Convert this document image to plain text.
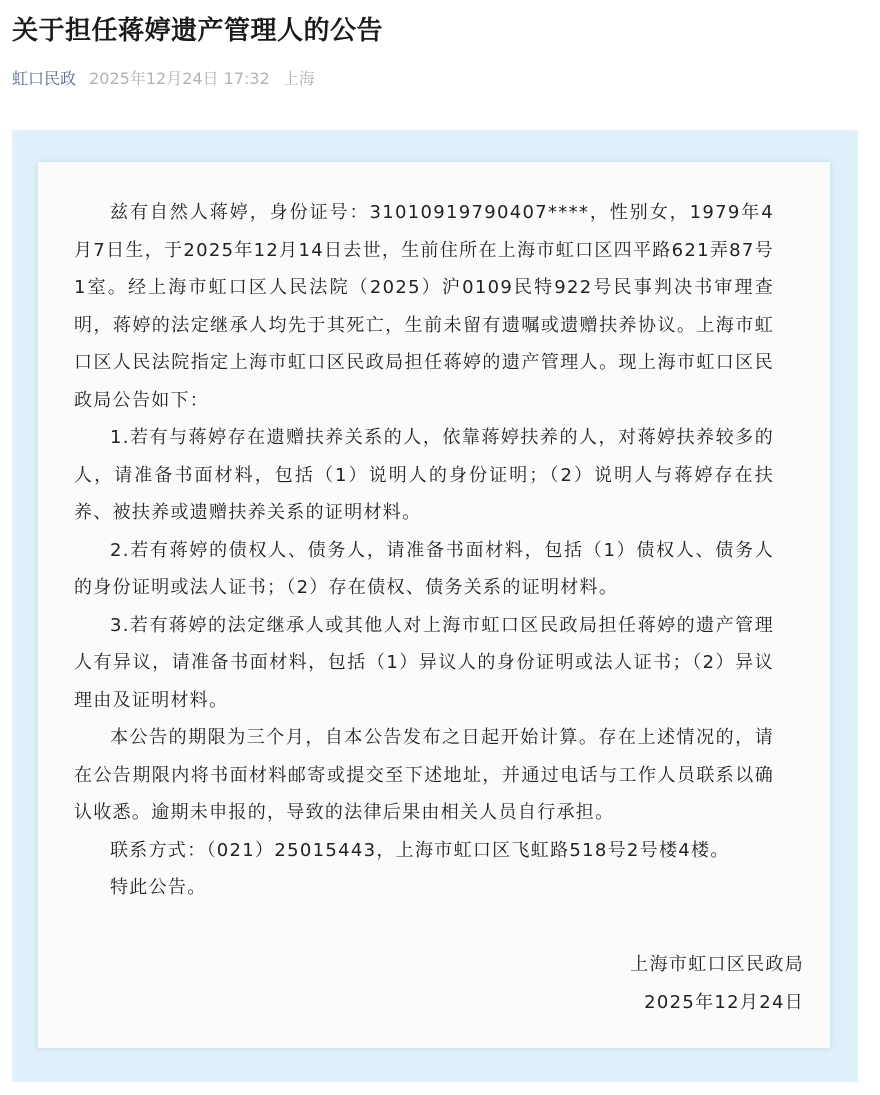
关于担任蒋婷遗产管理人的公告
虹口民政 2025年12月24日 17:32 上海

兹有自然人蒋婷，身份证号：31010919790407****，性别女，1979年4月7日生，于2025年12月14日去世，生前住所在上海市虹口区四平路621弄87号1室。经上海市虹口区人民法院（2025）沪0109民特922号民事判决书审理查明，蒋婷的法定继承人均先于其死亡，生前未留有遗嘱或遗赠扶养协议。上海市虹口区人民法院指定上海市虹口区民政局担任蒋婷的遗产管理人。现上海市虹口区民政局公告如下：

1.若有与蒋婷存在遗赠扶养关系的人，依靠蒋婷扶养的人，对蒋婷扶养较多的人，请准备书面材料，包括（1）说明人的身份证明；（2）说明人与蒋婷存在扶养、被扶养或遗赠扶养关系的证明材料。

2.若有蒋婷的债权人、债务人，请准备书面材料，包括（1）债权人、债务人的身份证明或法人证书；（2）存在债权、债务关系的证明材料。

3.若有蒋婷的法定继承人或其他人对上海市虹口区民政局担任蒋婷的遗产管理人有异议，请准备书面材料，包括（1）异议人的身份证明或法人证书；（2）异议理由及证明材料。

本公告的期限为三个月，自本公告发布之日起开始计算。存在上述情况的，请在公告期限内将书面材料邮寄或提交至下述地址，并通过电话与工作人员联系以确认收悉。逾期未申报的，导致的法律后果由相关人员自行承担。

联系方式：（021）25015443，上海市虹口区飞虹路518号2号楼4楼。

特此公告。

上海市虹口区民政局
2025年12月24日
